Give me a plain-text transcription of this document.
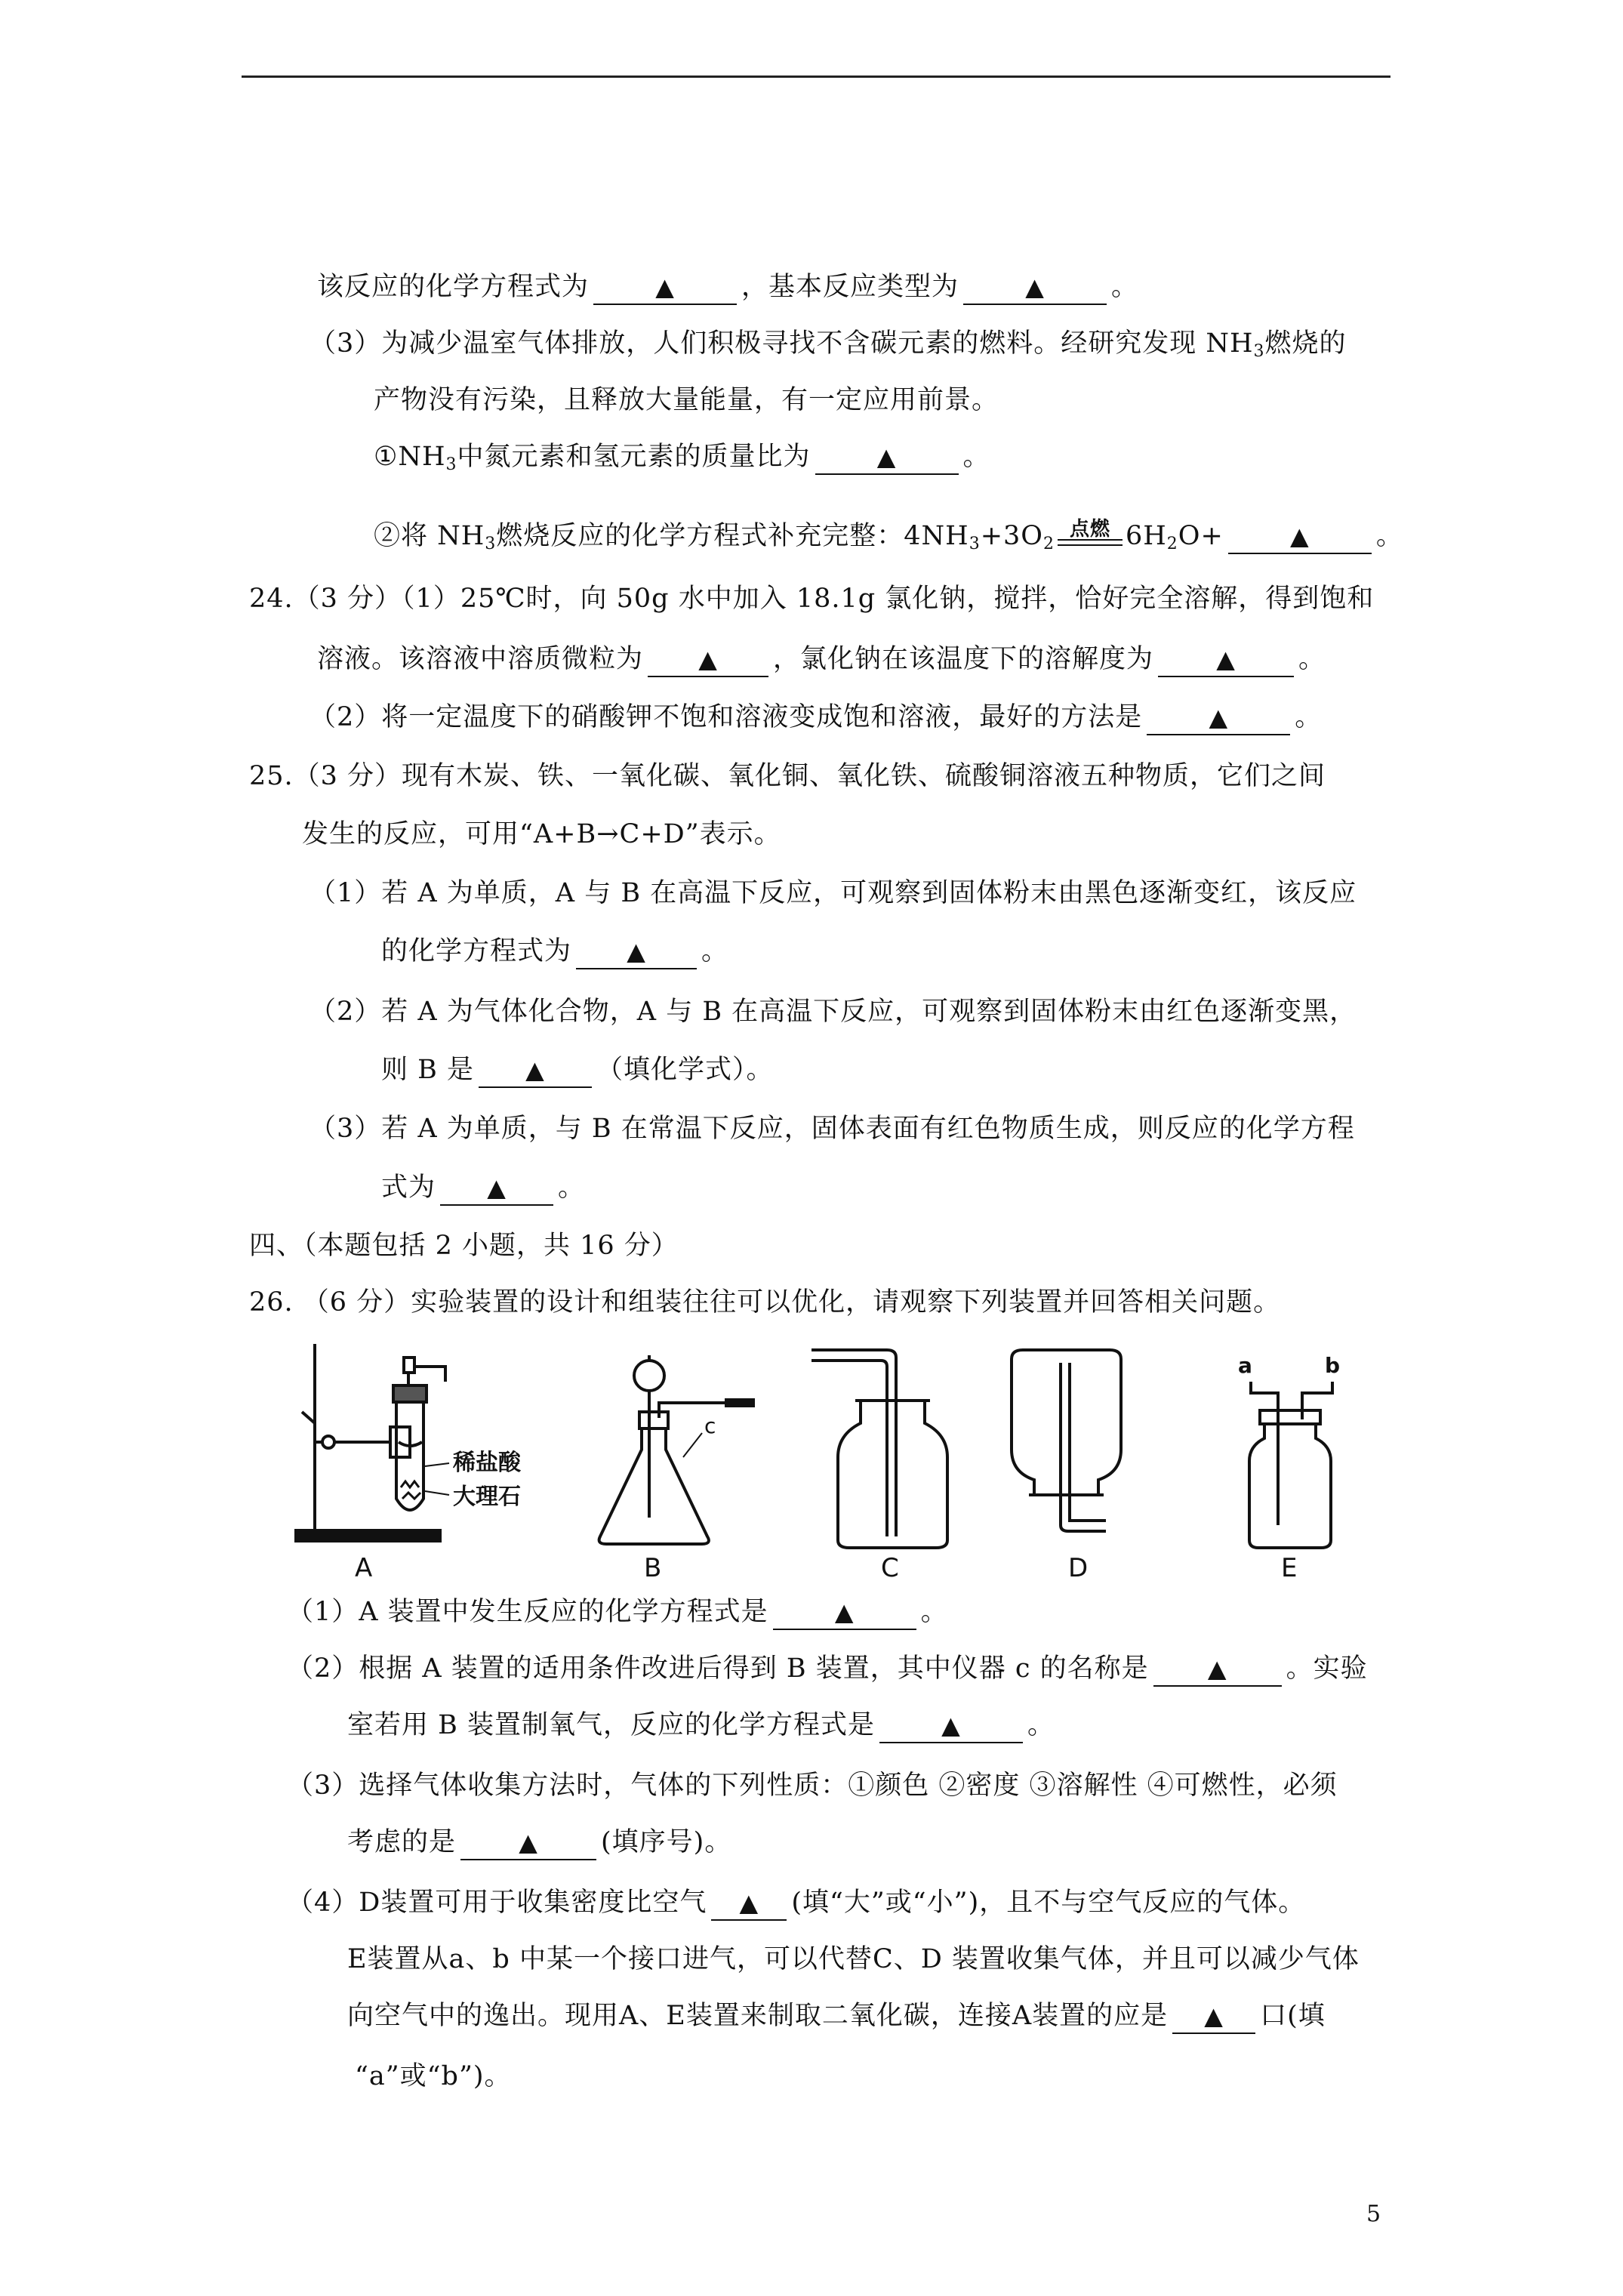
该反应的化学方程式为	▲	，基本反应类型为	▲	。
（3）为减少温室气体排放，人们积极寻找不含碳元素的燃料。经研究发现 $NH_3$燃烧的
产物没有污染，且释放大量能量，有一定应用前景。
$①NH_3$中氮元素和氢元素的质量比为	▲	。
②将 $NH_3$燃烧反应的化学方程式补充完整：$4NH_3+3O_2$
点燃 $6H_2O+$	▲	。
24.（3 分）（1）25℃时，向 50g 水中加入 18.1g 氯化钠，搅拌，恰好完全溶解，得到饱和
溶液。该溶液中溶质微粒为 ▲ ，氯化钠在该温度下的溶解度为	▲ 。
（2）将一定温度下的硝酸钾不饱和溶液变成饱和溶液，最好的方法是	▲	。
25.（3 分）现有木炭、铁、一氧化碳、氧化铜、氧化铁、硫酸铜溶液五种物质，它们之间
发生的反应，可用“A+B→C+D”表示。
（1）若 A 为单质，A 与 B 在高温下反应，可观察到固体粉末由黑色逐渐变红，该反应
的化学方程式为 ▲ 。
（2）若 A 为气体化合物，A 与 B 在高温下反应，可观察到固体粉末由红色逐渐变黑，
则 B 是 ▲ （填化学式）。
（3）若 A 为单质，与 B 在常温下反应，固体表面有红色物质生成，则反应的化学方程
式为 ▲ 。
四、（本题包括 2 小题，共 16 分）
26. （6 分）实验装置的设计和组装往往可以优化，请观察下列装置并回答相关问题。
（1）A 装置中发生反应的化学方程式是	▲	。
（2）根据 A 装置的适用条件改进后得到 B 装置，其中仪器 c 的名称是 ▲ 。实验
室若用 B 装置制氧气，反应的化学方程式是	▲	。
（3）选择气体收集方法时，气体的下列性质：①颜色 ②密度 ③溶解性 ④可燃性，必须
考虑的是	▲ (填序号)。
（4）D装置可用于收集密度比空气 ▲ (填“大”或“小”)，且不与空气反应的气体。
E装置从a、b 中某一个接口进气，可以代替C、D 装置收集气体，并且可以减少气体
向空气中的逸出。现用A、E装置来制取二氧化碳，连接A装置的应是 ▲ 口(填
“a”或“b”)。
稀盐酸
大理石
A
c
B	C	D
a	b
E
5
